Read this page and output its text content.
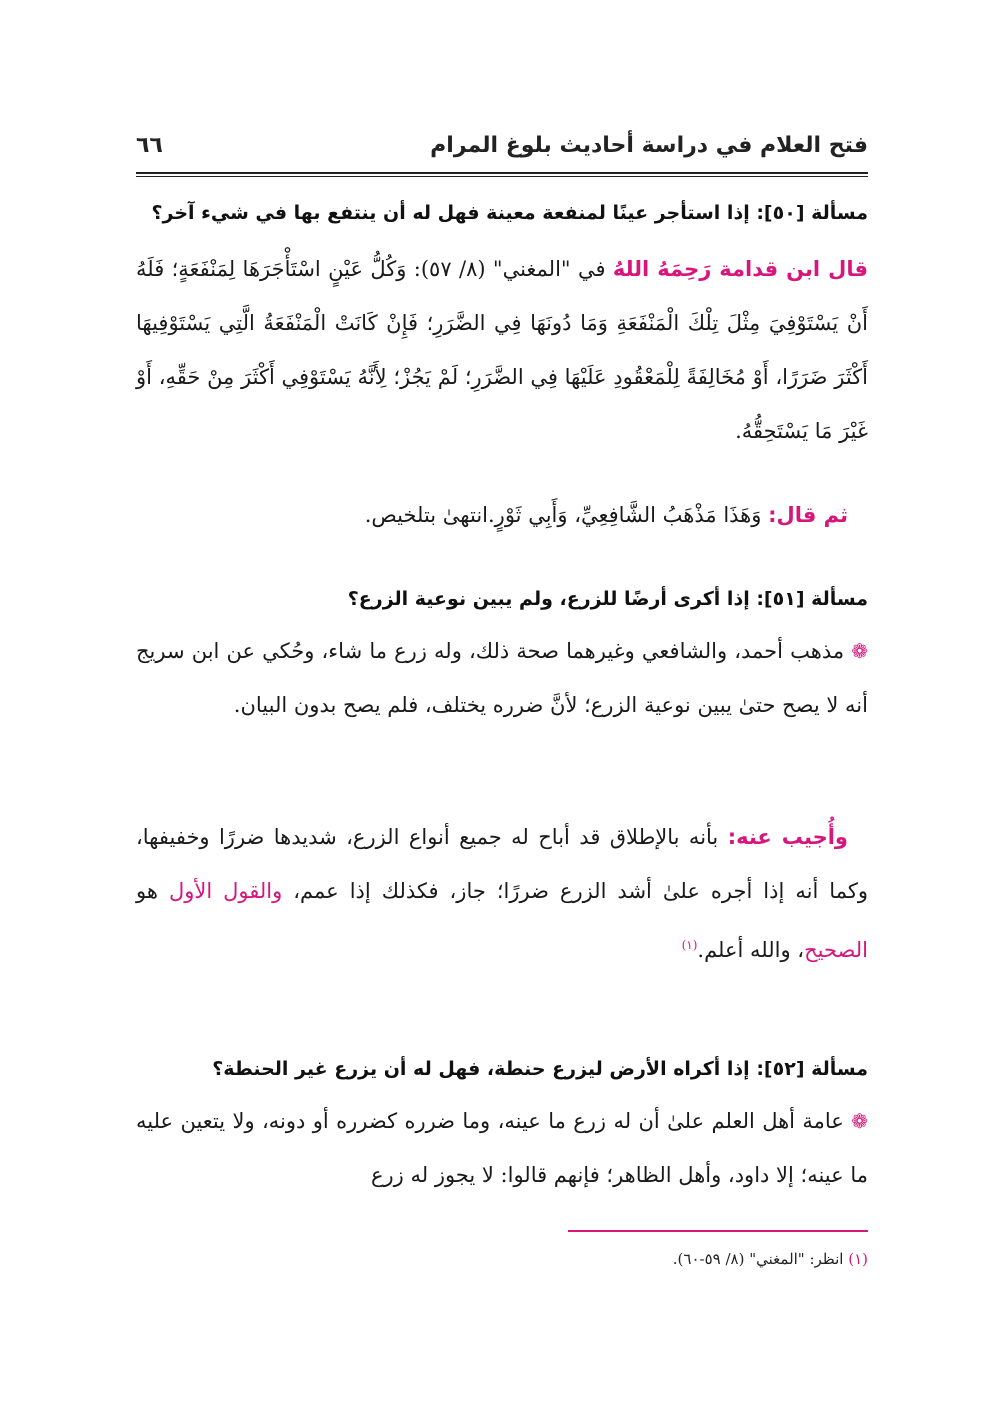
فتح العلام في دراسة أحاديث بلوغ المرام
٦٦
مسألة [٥٠]: إذا استأجر عينًا لمنفعة معينة فهل له أن ينتفع بها في شيء آخر؟
قال ابن قدامة رَحِمَهُ اللهُ في "المغني" (٨/ ٥٧): وَكُلُّ عَيْنٍ اسْتَأْجَرَهَا لِمَنْفَعَةٍ؛ فَلَهُ أَنْ يَسْتَوْفِيَ مِثْلَ تِلْكَ الْمَنْفَعَةِ وَمَا دُونَهَا فِي الضَّرَرِ؛ فَإِنْ كَانَتْ الْمَنْفَعَةُ الَّتِي يَسْتَوْفِيهَا أَكْثَرَ ضَرَرًا، أَوْ مُخَالِفَةً لِلْمَعْقُودِ عَلَيْهَا فِي الضَّرَرِ؛ لَمْ يَجُزْ؛ لِأَنَّهُ يَسْتَوْفِي أَكْثَرَ مِنْ حَقِّهِ، أَوْ غَيْرَ مَا يَسْتَحِقُّهُ.
ثم قال: وَهَذَا مَذْهَبُ الشَّافِعِيِّ، وَأَبِي ثَوْرٍ.انتهىٰ بتلخيص.
مسألة [٥١]: إذا أكرى أرضًا للزرع، ولم يبين نوعية الزرع؟
❁ مذهب أحمد، والشافعي وغيرهما صحة ذلك، وله زرع ما شاء، وحُكي عن ابن سريج أنه لا يصح حتىٰ يبين نوعية الزرع؛ لأنَّ ضرره يختلف، فلم يصح بدون البيان.
وأُجيب عنه: بأنه بالإطلاق قد أباح له جميع أنواع الزرع، شديدها ضررًا وخفيفها، وكما أنه إذا أجره علىٰ أشد الزرع ضررًا؛ جاز، فكذلك إذا عمم، والقول الأول هو الصحيح، والله أعلم.$^{(١)}$
مسألة [٥٢]: إذا أكراه الأرض ليزرع حنطة، فهل له أن يزرع غير الحنطة؟
❁ عامة أهل العلم علىٰ أن له زرع ما عينه، وما ضرره كضرره أو دونه، ولا يتعين عليه ما عينه؛ إلا داود، وأهل الظاهر؛ فإنهم قالوا: لا يجوز له زرع
(١) انظر: "المغني" (٨/ ٥٩-٦٠).
